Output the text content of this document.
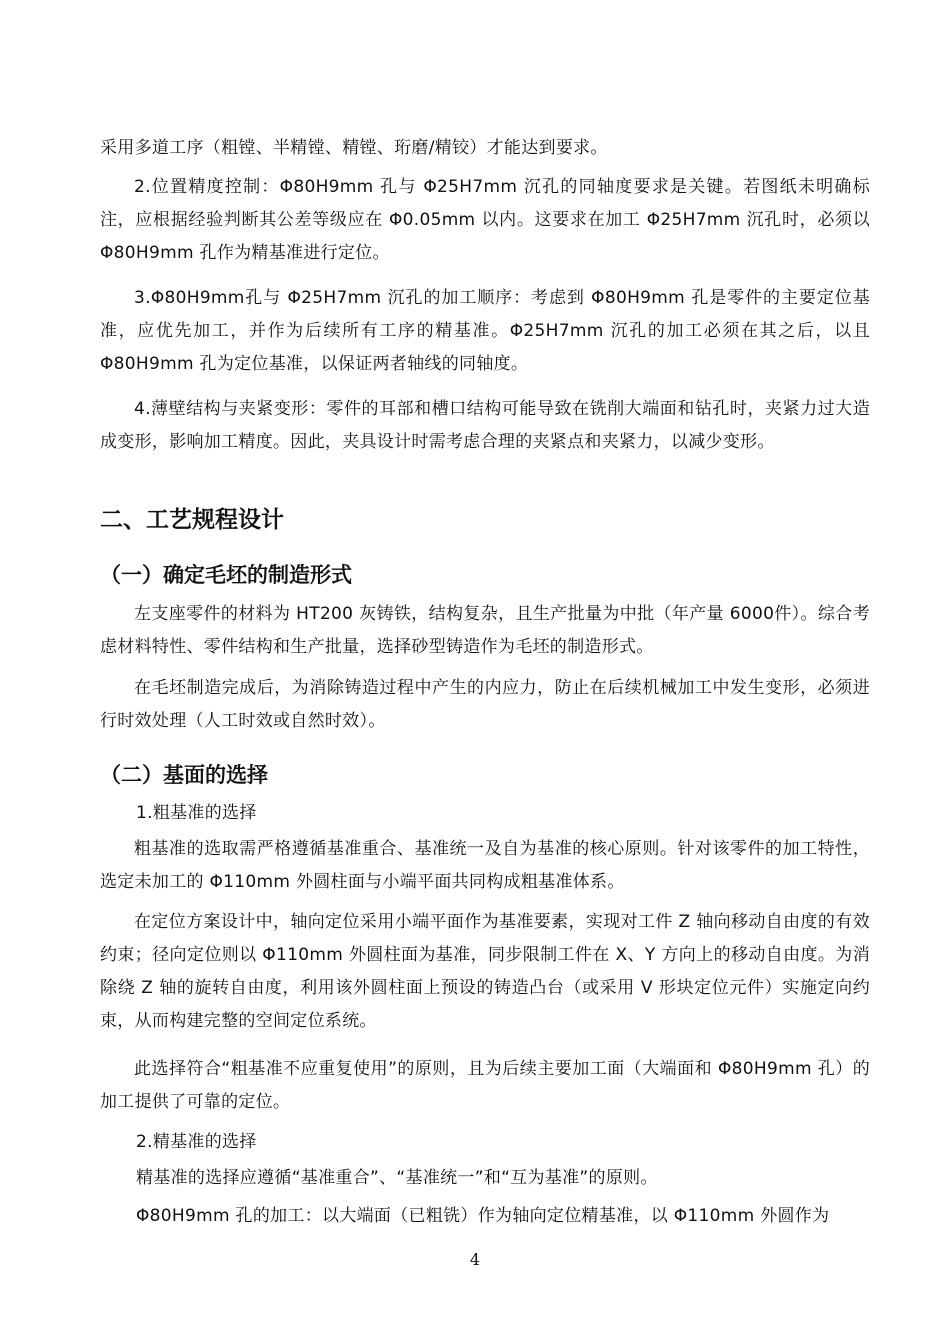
采用多道工序（粗镗、半精镗、精镗、珩磨/精铰）才能达到要求。

2.位置精度控制：Φ80H9mm 孔与 Φ25H7mm 沉孔的同轴度要求是关键。若图纸未明确标注，应根据经验判断其公差等级应在 Φ0.05mm 以内。这要求在加工 Φ25H7mm 沉孔时，必须以 Φ80H9mm 孔作为精基准进行定位。

3.Φ80H9mm孔与 Φ25H7mm 沉孔的加工顺序：考虑到 Φ80H9mm 孔是零件的主要定位基准，应优先加工，并作为后续所有工序的精基准。Φ25H7mm 沉孔的加工必须在其之后，以且 Φ80H9mm 孔为定位基准，以保证两者轴线的同轴度。

4.薄壁结构与夹紧变形：零件的耳部和槽口结构可能导致在铣削大端面和钻孔时，夹紧力过大造成变形，影响加工精度。因此，夹具设计时需考虑合理的夹紧点和夹紧力，以减少变形。

二、工艺规程设计
（一）确定毛坯的制造形式

左支座零件的材料为 HT200 灰铸铁，结构复杂，且生产批量为中批（年产量 6000件）。综合考虑材料特性、零件结构和生产批量，选择砂型铸造作为毛坯的制造形式。

在毛坯制造完成后，为消除铸造过程中产生的内应力，防止在后续机械加工中发生变形，必须进行时效处理（人工时效或自然时效）。

（二）基面的选择

1.粗基准的选择

粗基准的选取需严格遵循基准重合、基准统一及自为基准的核心原则。针对该零件的加工特性，选定未加工的 Φ110mm 外圆柱面与小端平面共同构成粗基准体系。

在定位方案设计中，轴向定位采用小端平面作为基准要素，实现对工件 Z 轴向移动自由度的有效约束；径向定位则以 Φ110mm 外圆柱面为基准，同步限制工件在 X、Y 方向上的移动自由度。为消除绕 Z 轴的旋转自由度，利用该外圆柱面上预设的铸造凸台（或采用 V 形块定位元件）实施定向约束，从而构建完整的空间定位系统。

此选择符合“粗基准不应重复使用”的原则，且为后续主要加工面（大端面和 Φ80H9mm 孔）的加工提供了可靠的定位。

2.精基准的选择

精基准的选择应遵循“基准重合”、“基准统一”和“互为基准”的原则。

Φ80H9mm 孔的加工：以大端面（已粗铣）作为轴向定位精基准，以 Φ110mm 外圆作为

4
